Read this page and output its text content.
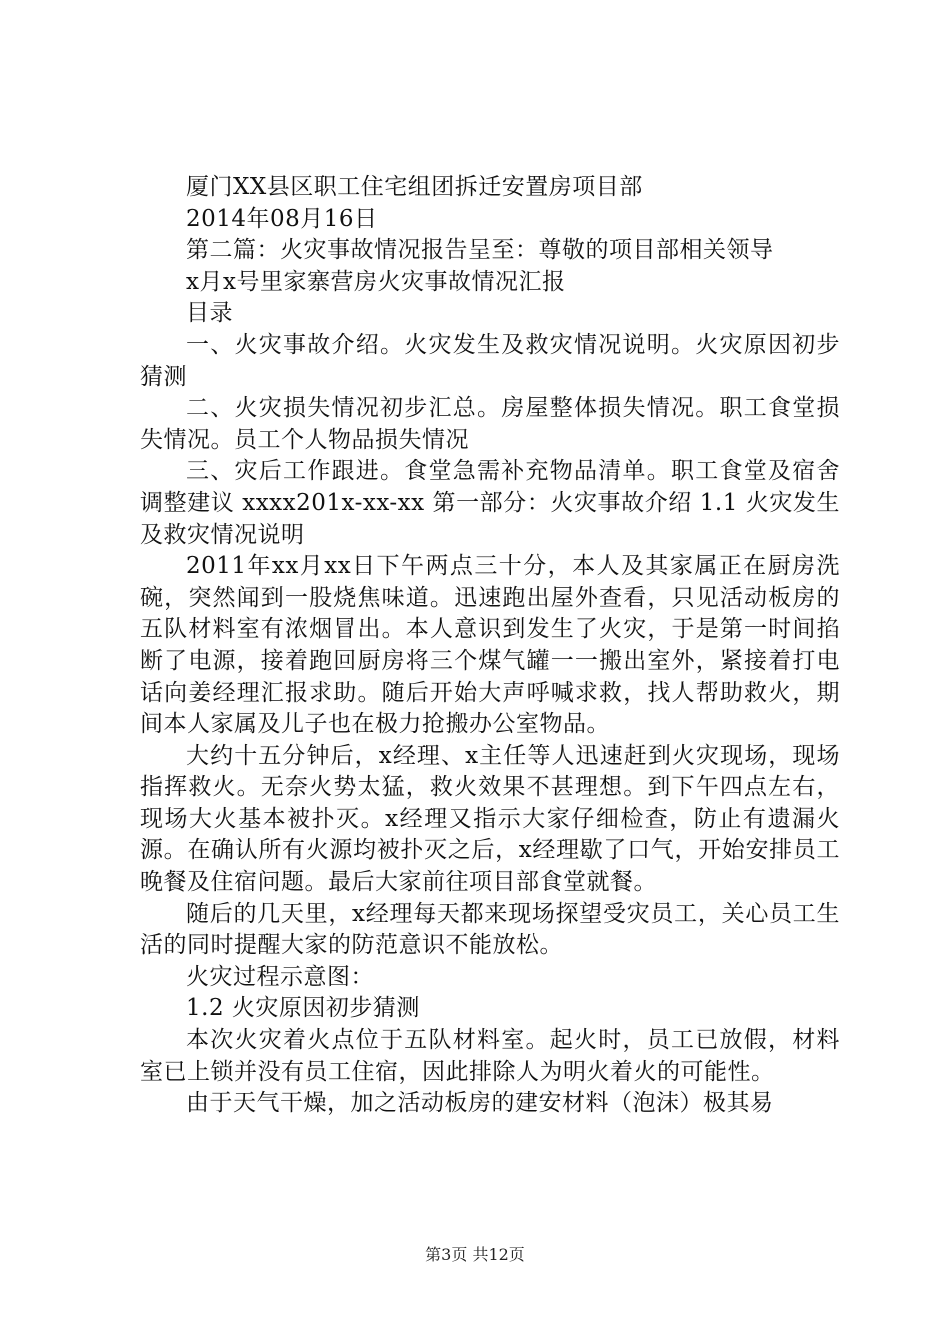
厦门XX县区职工住宅组团拆迁安置房项目部

2014年08月16日

第二篇：火灾事故情况报告呈至：尊敬的项目部相关领导

x月x号里家寨营房火灾事故情况汇报

目录

一、火灾事故介绍。火灾发生及救灾情况说明。火灾原因初步猜测

二、火灾损失情况初步汇总。房屋整体损失情况。职工食堂损失情况。员工个人物品损失情况

三、灾后工作跟进。食堂急需补充物品清单。职工食堂及宿舍调整建议 xxxx201x-xx-xx 第一部分：火灾事故介绍 1.1 火灾发生及救灾情况说明

2011年xx月xx日下午两点三十分，本人及其家属正在厨房洗碗，突然闻到一股烧焦味道。迅速跑出屋外查看，只见活动板房的五队材料室有浓烟冒出。本人意识到发生了火灾，于是第一时间掐断了电源，接着跑回厨房将三个煤气罐一一搬出室外，紧接着打电话向姜经理汇报求助。随后开始大声呼喊求救，找人帮助救火，期间本人家属及儿子也在极力抢搬办公室物品。

大约十五分钟后，x经理、x主任等人迅速赶到火灾现场，现场指挥救火。无奈火势太猛，救火效果不甚理想。到下午四点左右，现场大火基本被扑灭。x经理又指示大家仔细检查，防止有遗漏火源。在确认所有火源均被扑灭之后，x经理歇了口气，开始安排员工晚餐及住宿问题。最后大家前往项目部食堂就餐。

随后的几天里，x经理每天都来现场探望受灾员工，关心员工生活的同时提醒大家的防范意识不能放松。

火灾过程示意图：

1.2 火灾原因初步猜测

本次火灾着火点位于五队材料室。起火时，员工已放假，材料室已上锁并没有员工住宿，因此排除人为明火着火的可能性。

由于天气干燥，加之活动板房的建安材料（泡沫）极其易

第3页 共12页
